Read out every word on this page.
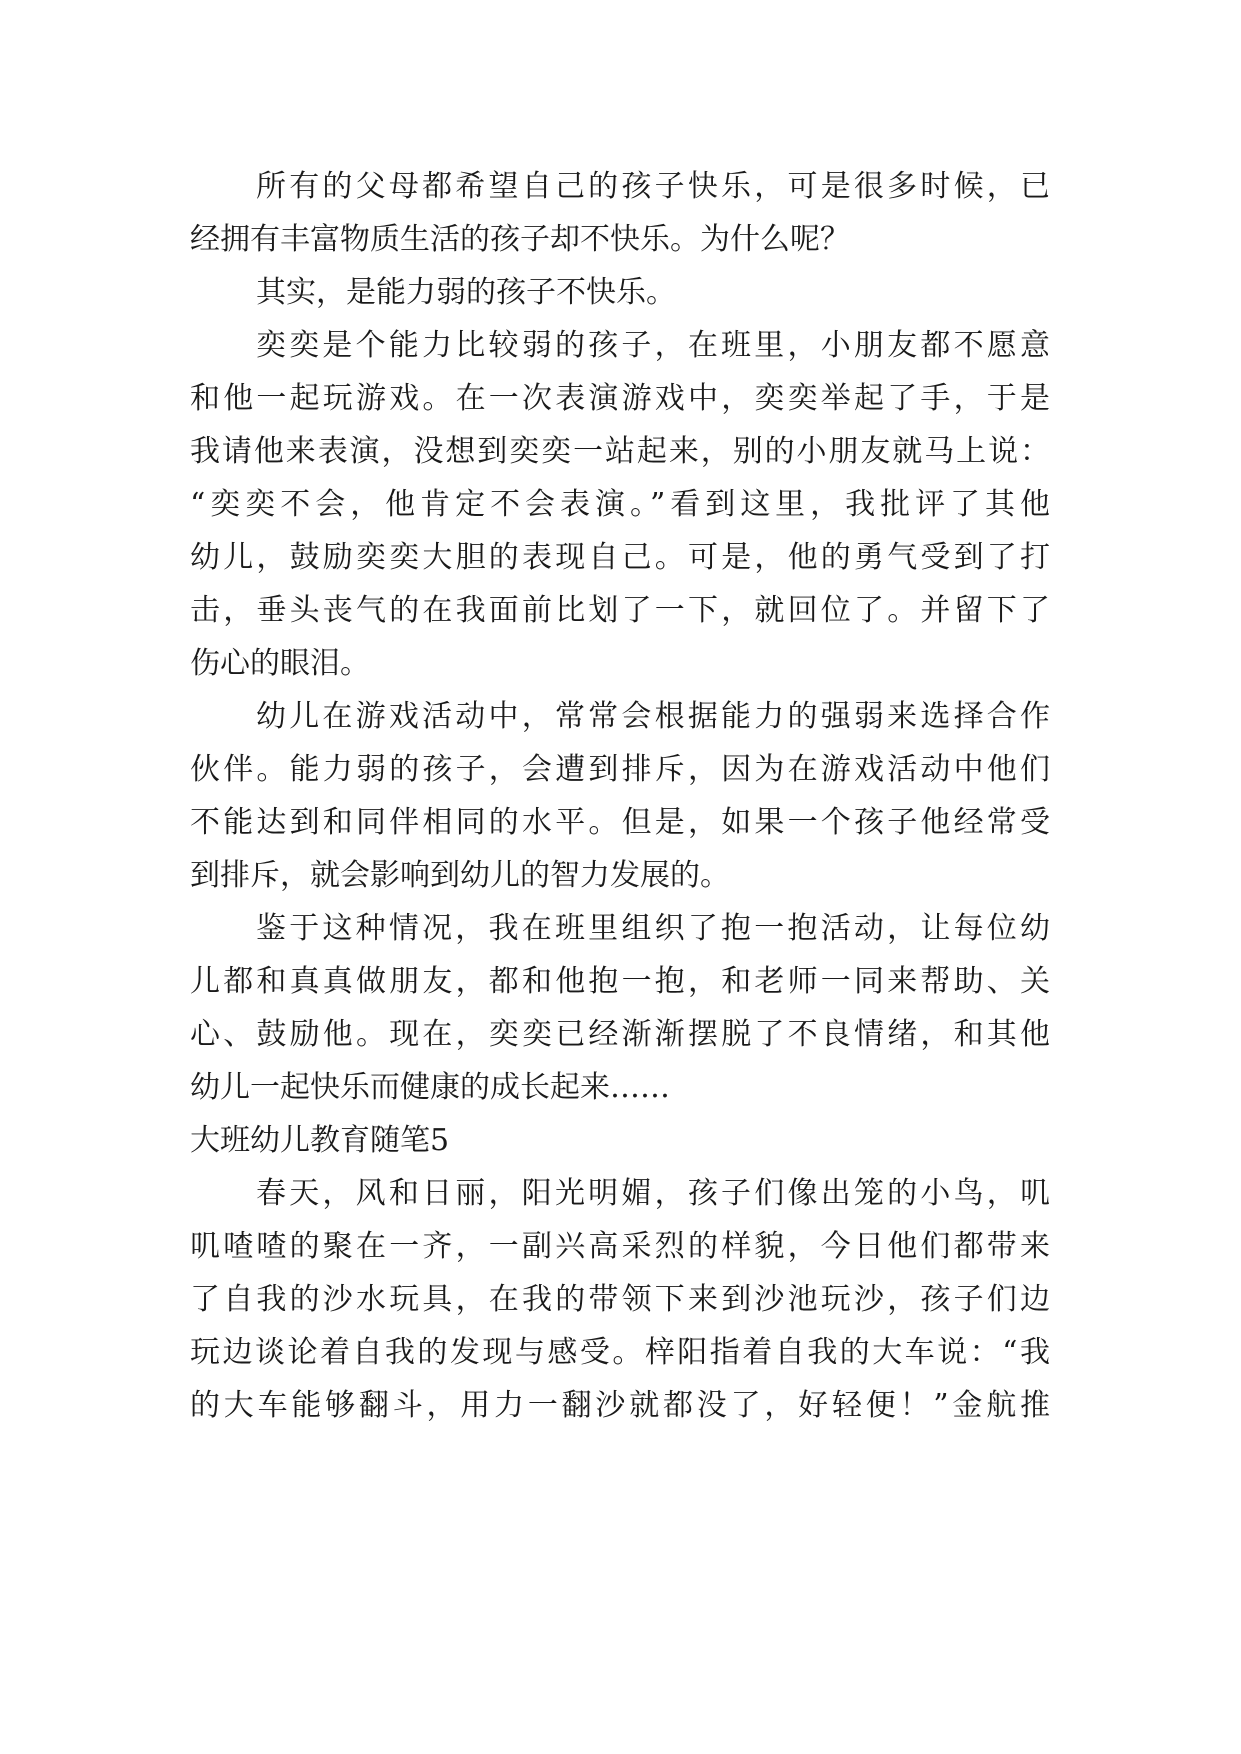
所有的父母都希望自己的孩子快乐，可是很多时候，已
经拥有丰富物质生活的孩子却不快乐。为什么呢？
其实，是能力弱的孩子不快乐。
奕奕是个能力比较弱的孩子，在班里，小朋友都不愿意
和他一起玩游戏。在一次表演游戏中，奕奕举起了手，于是
我请他来表演，没想到奕奕一站起来，别的小朋友就马上说：
“奕奕不会，他肯定不会表演。”看到这里，我批评了其他
幼儿，鼓励奕奕大胆的表现自己。可是，他的勇气受到了打
击，垂头丧气的在我面前比划了一下，就回位了。并留下了
伤心的眼泪。
幼儿在游戏活动中，常常会根据能力的强弱来选择合作
伙伴。能力弱的孩子，会遭到排斥，因为在游戏活动中他们
不能达到和同伴相同的水平。但是，如果一个孩子他经常受
到排斥，就会影响到幼儿的智力发展的。
鉴于这种情况，我在班里组织了抱一抱活动，让每位幼
儿都和真真做朋友，都和他抱一抱，和老师一同来帮助、关
心、鼓励他。现在，奕奕已经渐渐摆脱了不良情绪，和其他
幼儿一起快乐而健康的成长起来……
大班幼儿教育随笔5
春天，风和日丽，阳光明媚，孩子们像出笼的小鸟，叽
叽喳喳的聚在一齐，一副兴高采烈的样貌，今日他们都带来
了自我的沙水玩具，在我的带领下来到沙池玩沙，孩子们边
玩边谈论着自我的发现与感受。梓阳指着自我的大车说：“我
的大车能够翻斗，用力一翻沙就都没了，好轻便！”金航推
